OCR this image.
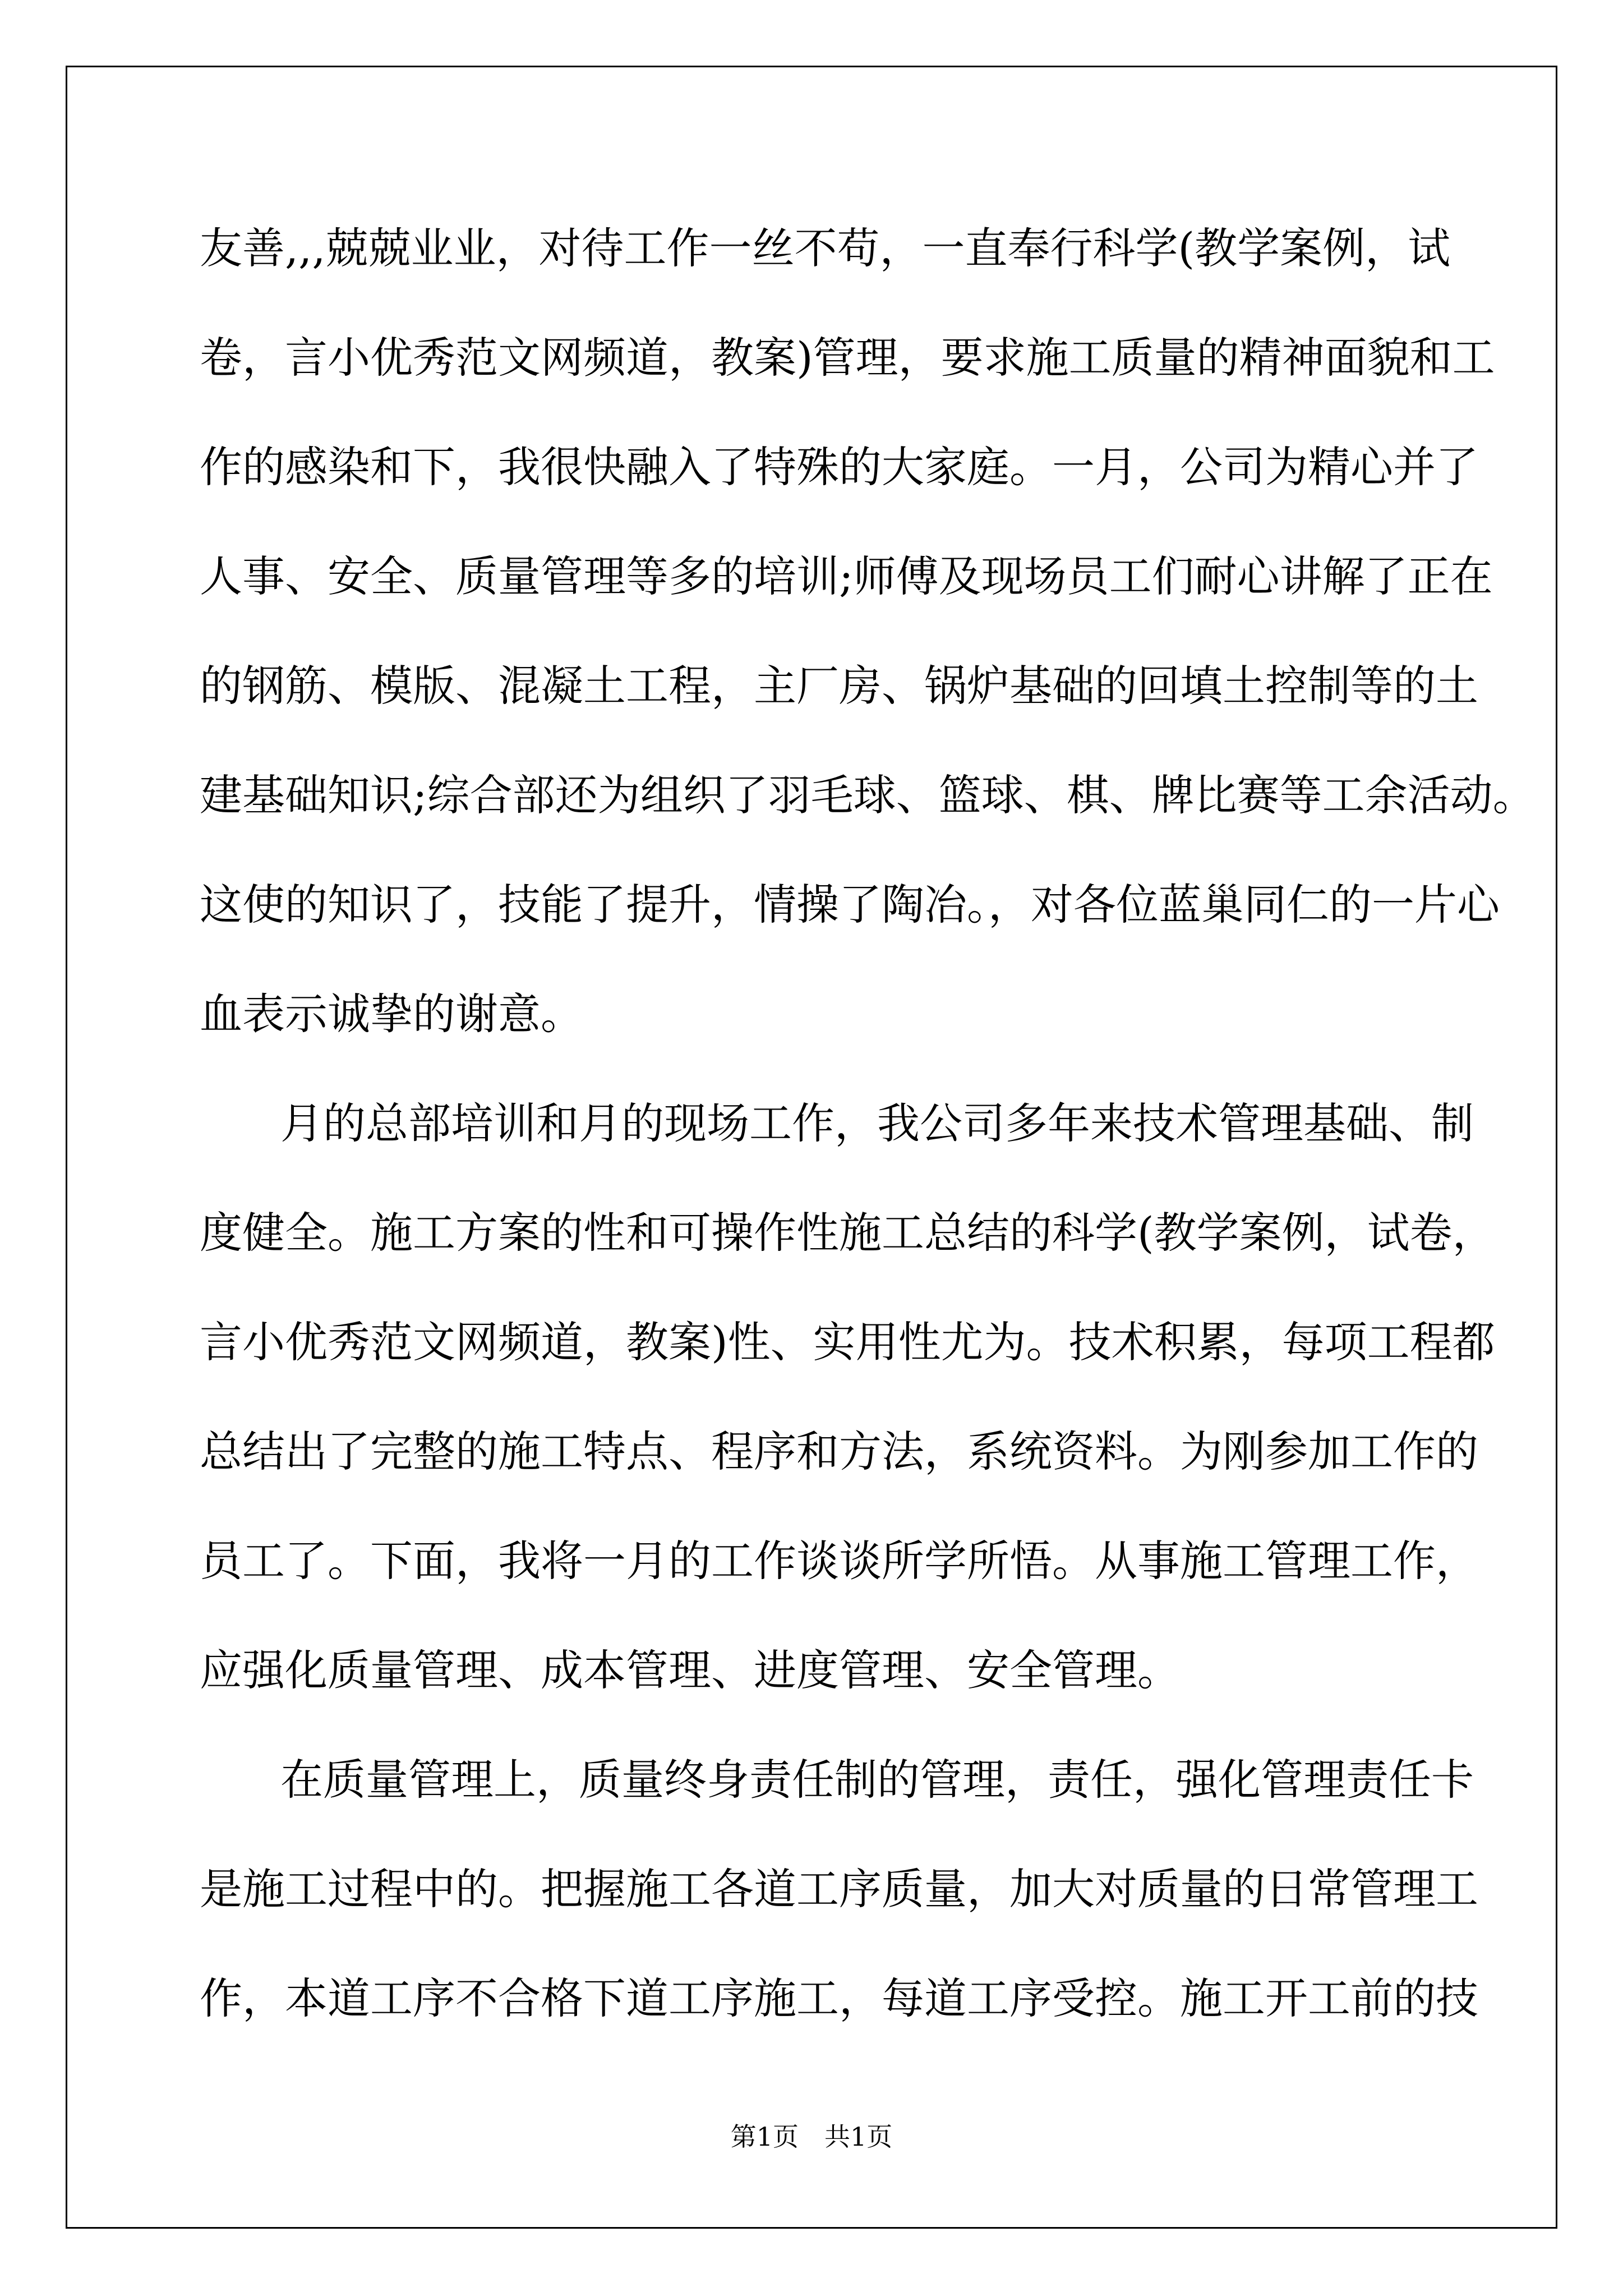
友善,,,兢兢业业，对待工作一丝不苟，一直奉行科学(教学案例，试
卷，言小优秀范文网频道，教案)管理，要求施工质量的精神面貌和工
作的感染和下，我很快融入了特殊的大家庭。一月，公司为精心并了
人事、安全、质量管理等多的培训;师傅及现场员工们耐心讲解了正在
的钢筋、模版、混凝土工程，主厂房、锅炉基础的回填土控制等的土
建基础知识;综合部还为组织了羽毛球、篮球、棋、牌比赛等工余活动。
这使的知识了，技能了提升，情操了陶冶。，对各位蓝巢同仁的一片心
血表示诚挚的谢意。
月的总部培训和月的现场工作，我公司多年来技术管理基础、制
度健全。施工方案的性和可操作性施工总结的科学(教学案例，试卷，
言小优秀范文网频道，教案)性、实用性尤为。技术积累，每项工程都
总结出了完整的施工特点、程序和方法，系统资料。为刚参加工作的
员工了。下面，我将一月的工作谈谈所学所悟。从事施工管理工作，
应强化质量管理、成本管理、进度管理、安全管理。
在质量管理上，质量终身责任制的管理，责任，强化管理责任卡
是施工过程中的。把握施工各道工序质量，加大对质量的日常管理工
作，本道工序不合格下道工序施工，每道工序受控。施工开工前的技
第1页　共1页
